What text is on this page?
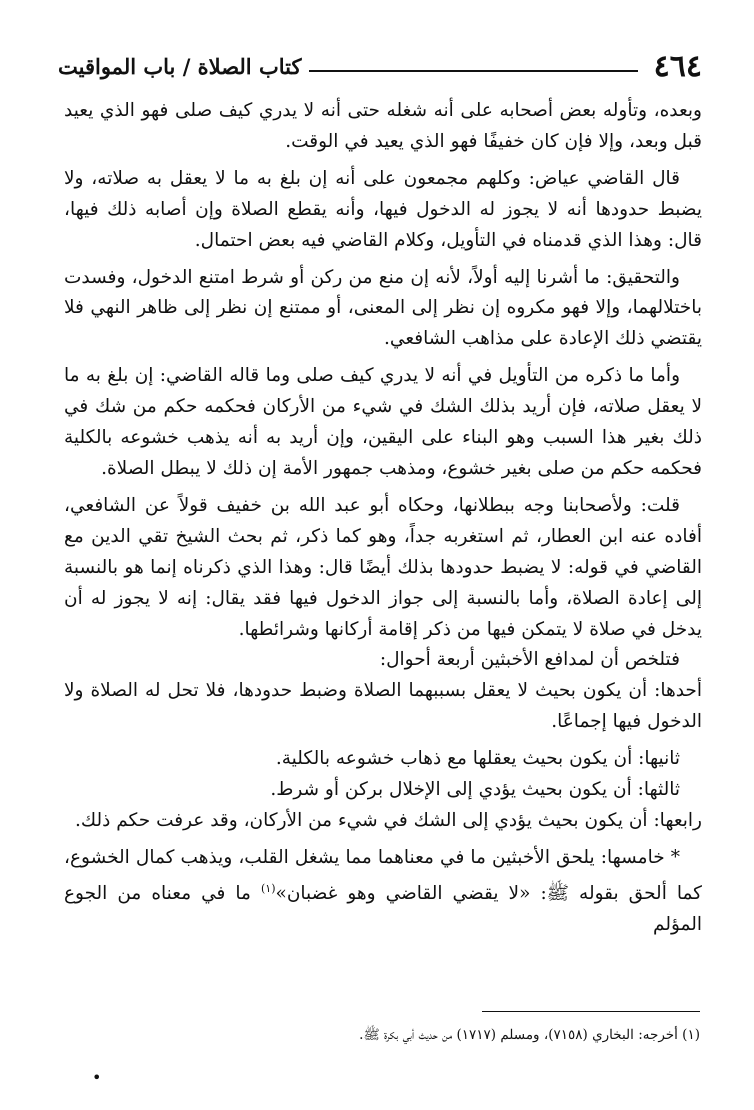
٤٦٤
كتاب الصلاة / باب المواقيت

وبعده، وتأوله بعض أصحابه على أنه شغله حتى أنه لا يدري كيف صلى فهو الذي يعيد قبل وبعد، وإلا فإن كان خفيفًا فهو الذي يعيد في الوقت.

قال القاضي عياض: وكلهم مجمعون على أنه إن بلغ به ما لا يعقل به صلاته، ولا يضبط حدودها أنه لا يجوز له الدخول فيها، وأنه يقطع الصلاة وإن أصابه ذلك فيها، قال: وهذا الذي قدمناه في التأويل، وكلام القاضي فيه بعض احتمال.

والتحقيق: ما أشرنا إليه أولاً، لأنه إن منع من ركن أو شرط امتنع الدخول، وفسدت باختلالهما، وإلا فهو مكروه إن نظر إلى المعنى، أو ممتنع إن نظر إلى ظاهر النهي فلا يقتضي ذلك الإعادة على مذاهب الشافعي.

وأما ما ذكره من التأويل في أنه لا يدري كيف صلى وما قاله القاضي: إن بلغ به ما لا يعقل صلاته، فإن أريد بذلك الشك في شيء من الأركان فحكمه حكم من شك في ذلك بغير هذا السبب وهو البناء على اليقين، وإن أريد به أنه يذهب خشوعه بالكلية فحكمه حكم من صلى بغير خشوع، ومذهب جمهور الأمة إن ذلك لا يبطل الصلاة.

قلت: ولأصحابنا وجه ببطلانها، وحكاه أبو عبد الله بن خفيف قولاً عن الشافعي، أفاده عنه ابن العطار، ثم استغربه جداً، وهو كما ذكر، ثم بحث الشيخ تقي الدين مع القاضي في قوله: لا يضبط حدودها بذلك أيضًا قال: وهذا الذي ذكرناه إنما هو بالنسبة إلى إعادة الصلاة، وأما بالنسبة إلى جواز الدخول فيها فقد يقال: إنه لا يجوز له أن يدخل في صلاة لا يتمكن فيها من ذكر إقامة أركانها وشرائطها.

فتلخص أن لمدافع الأخبثين أربعة أحوال:

أحدها: أن يكون بحيث لا يعقل بسببهما الصلاة وضبط حدودها، فلا تحل له الصلاة ولا الدخول فيها إجماعًا.

ثانيها: أن يكون بحيث يعقلها مع ذهاب خشوعه بالكلية.

ثالثها: أن يكون بحيث يؤدي إلى الإخلال بركن أو شرط.

رابعها: أن يكون بحيث يؤدي إلى الشك في شيء من الأركان، وقد عرفت حكم ذلك.

* خامسها: يلحق الأخبثين ما في معناهما مما يشغل القلب، ويذهب كمال الخشوع، كما ألحق بقوله ﷺ: «لا يقضي القاضي وهو غضبان»$^{(١)}$ ما في معناه من الجوع المؤلم

(١) أخرجه: البخاري (٧١٥٨)، ومسلم (١٧١٧) من حديث أبي بكرة ﷺ.
•
